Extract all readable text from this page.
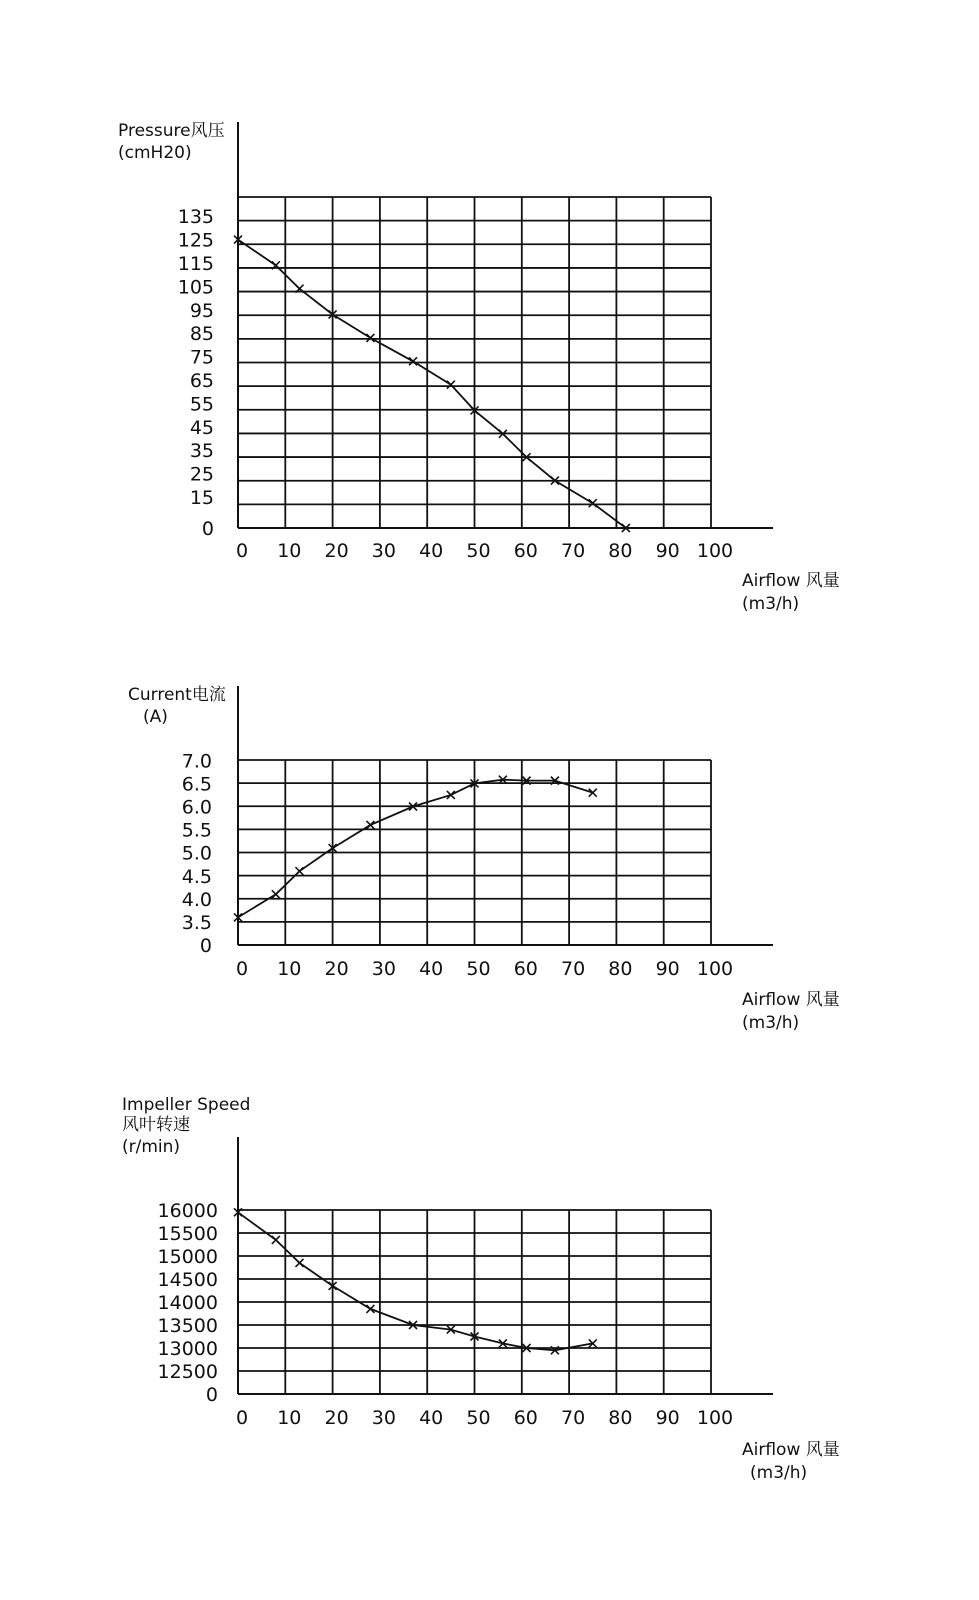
Pressure风压
(cmH20)
Airflow 风量
(m3/h)
0 10 20 30 40 50 60 70 80 90 100
0
15
25
35
45
55
65
75
85
95
105
115
125
135
Current电流
(A)
Airflow 风量
(m3/h)
0 10 20 30 40 50 60 70 80 90 100
0
3.5
4.0
4.5
5.0
5.5
6.0
6.5
7.0
Impeller Speed
风叶转速
(r/min)
Airflow 风量
(m3/h)
0 10 20 30 40 50 60 70 80 90 100
0
12500
13000
13500
14000
14500
15000
15500
16000
